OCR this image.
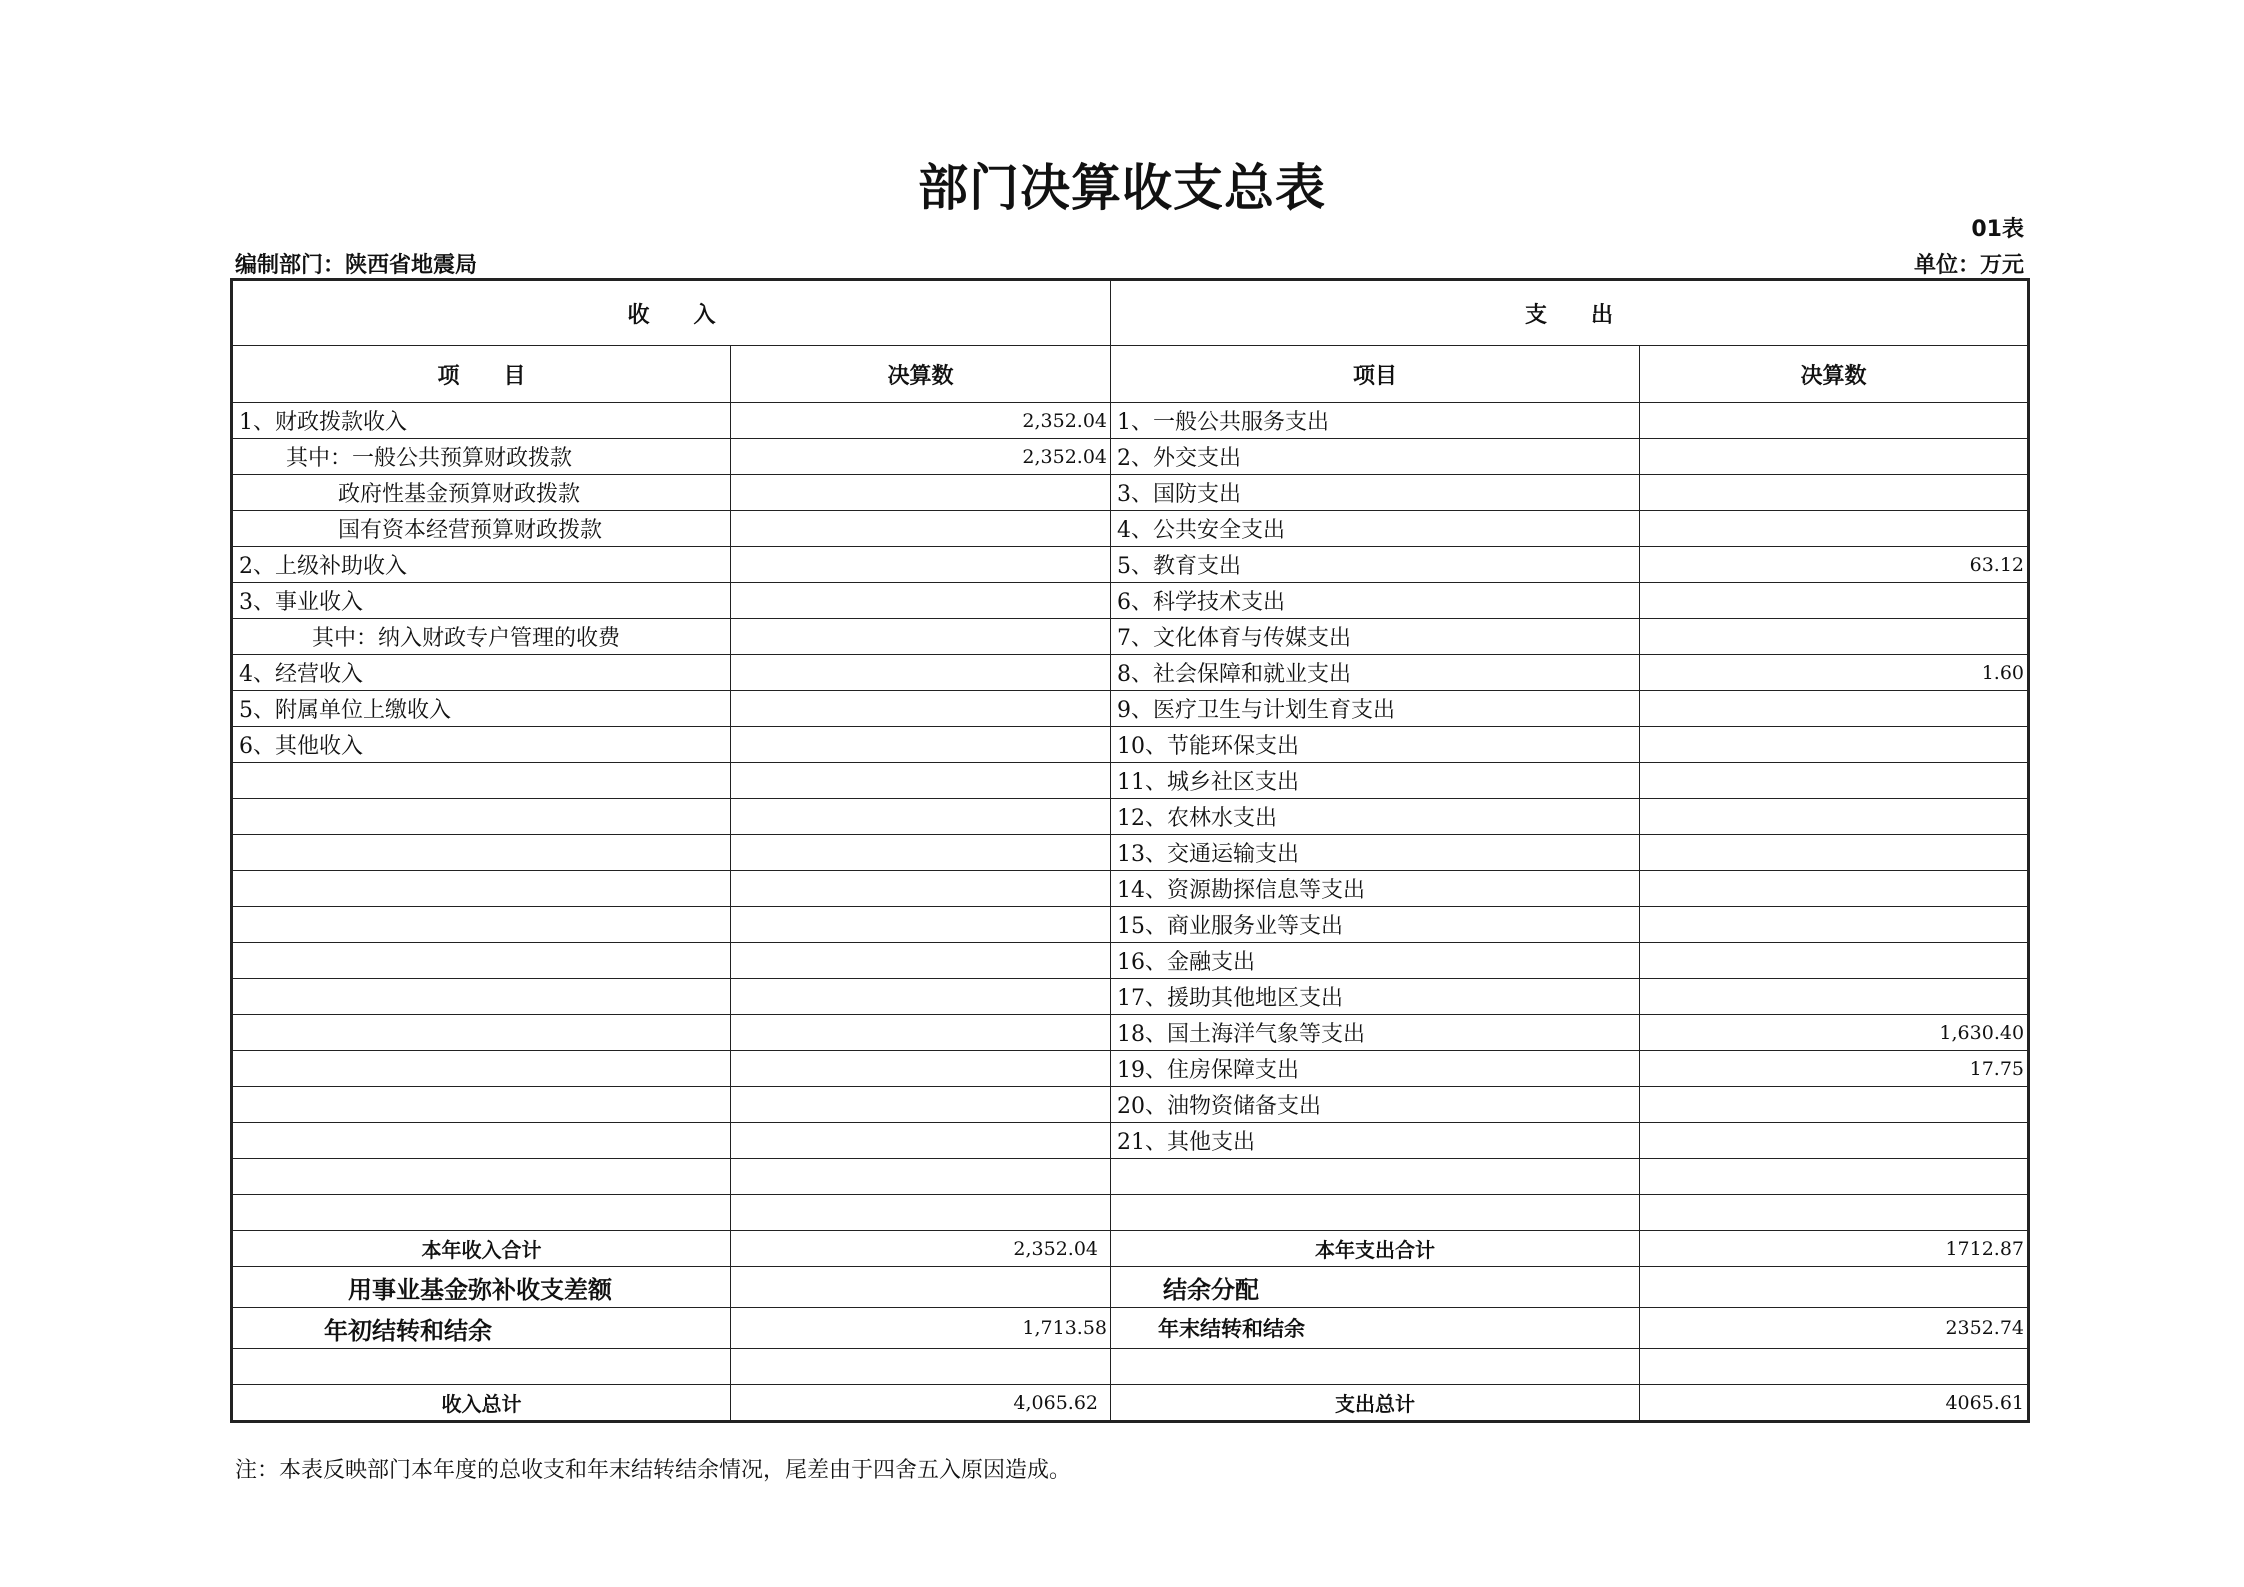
部门决算收支总表
01表
编制部门：陕西省地震局	单位：万元
收　　入		支　　出	
项　　目	决算数	项目	决算数
1、财政拨款收入	2,352.04	1、一般公共服务支出	
其中：一般公共预算财政拨款	2,352.04	2、外交支出	
政府性基金预算财政拨款		3、国防支出	
国有资本经营预算财政拨款		4、公共安全支出	
2、上级补助收入		5、教育支出	63.12
3、事业收入		6、科学技术支出	
其中：纳入财政专户管理的收费		7、文化体育与传媒支出	
4、经营收入		8、社会保障和就业支出	1.60
5、附属单位上缴收入		9、医疗卫生与计划生育支出	
6、其他收入		10、节能环保支出	
		11、城乡社区支出	
		12、农林水支出	
		13、交通运输支出	
		14、资源勘探信息等支出	
		15、商业服务业等支出	
		16、金融支出	
		17、援助其他地区支出	
		18、国土海洋气象等支出	1,630.40
		19、住房保障支出	17.75
		20、油物资储备支出	
		21、其他支出	

本年收入合计	2,352.04	本年支出合计	1712.87
用事业基金弥补收支差额		结余分配	
年初结转和结余	1,713.58	年末结转和结余	2352.74

收入总计	4,065.62	支出总计	4065.61
注：本表反映部门本年度的总收支和年末结转结余情况，尾差由于四舍五入原因造成。
